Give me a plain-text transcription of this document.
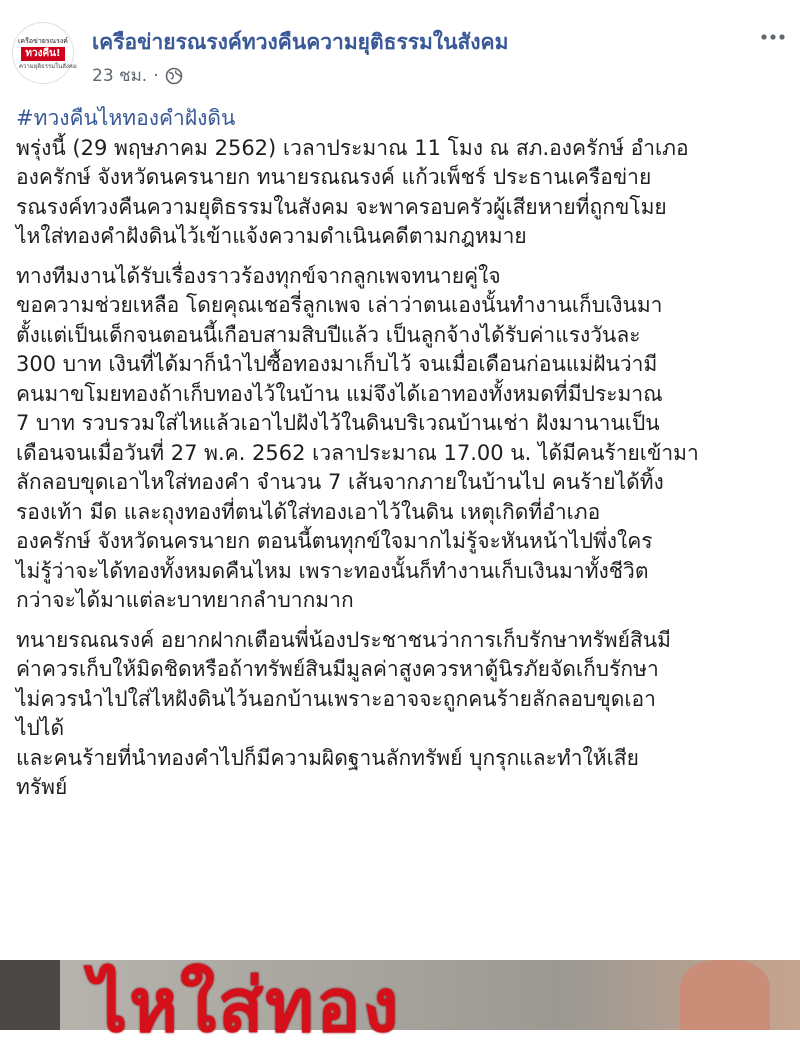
เครือข่ายรณรงค์
ทวงคืน!
ความยุติธรรมในสังคม
เครือข่ายรณรงค์ทวงคืนความยุติธรรมในสังคม
23 ชม. ·
#ทวงคืนไหทองคำฝังดิน
พรุ่งนี้ (29 พฤษภาคม 2562) เวลาประมาณ 11 โมง ณ สภ.องครักษ์ อำเภอ
องครักษ์ จังหวัดนครนายก ทนายรณณรงค์ แก้วเพ็ชร์ ประธานเครือข่าย
รณรงค์ทวงคืนความยุติธรรมในสังคม จะพาครอบครัวผู้เสียหายที่ถูกขโมย
ไหใส่ทองคำฝังดินไว้เข้าแจ้งความดำเนินคดีตามกฎหมาย
ทางทีมงานได้รับเรื่องราวร้องทุกข์จากลูกเพจทนายคู่ใจ
ขอความช่วยเหลือ โดยคุณเชอรี่ลูกเพจ เล่าว่าตนเองนั้นทำงานเก็บเงินมา
ตั้งแต่เป็นเด็กจนตอนนี้เกือบสามสิบปีแล้ว เป็นลูกจ้างได้รับค่าแรงวันละ
300 บาท เงินที่ได้มาก็นำไปซื้อทองมาเก็บไว้ จนเมื่อเดือนก่อนแม่ฝันว่ามี
คนมาขโมยทองถ้าเก็บทองไว้ในบ้าน แม่จึงได้เอาทองทั้งหมดที่มีประมาณ
7 บาท รวบรวมใส่ไหแล้วเอาไปฝังไว้ในดินบริเวณบ้านเช่า ฝังมานานเป็น
เดือนจนเมื่อวันที่ 27 พ.ค. 2562 เวลาประมาณ 17.00 น. ได้มีคนร้ายเข้ามา
ลักลอบขุดเอาไหใส่ทองคำ จำนวน 7 เส้นจากภายในบ้านไป คนร้ายได้ทิ้ง
รองเท้า มีด และถุงทองที่ตนได้ใส่ทองเอาไว้ในดิน เหตุเกิดที่อำเภอ
องครักษ์ จังหวัดนครนายก ตอนนี้ตนทุกข์ใจมากไม่รู้จะหันหน้าไปพึ่งใคร
ไม่รู้ว่าจะได้ทองทั้งหมดคืนไหม เพราะทองนั้นก็ทำงานเก็บเงินมาทั้งชีวิต
กว่าจะได้มาแต่ละบาทยากลำบากมาก
ทนายรณณรงค์ อยากฝากเตือนพี่น้องประชาชนว่าการเก็บรักษาทรัพย์สินมี
ค่าควรเก็บให้มิดชิดหรือถ้าทรัพย์สินมีมูลค่าสูงควรหาตู้นิรภัยจัดเก็บรักษา
ไม่ควรนำไปใส่ไหฝังดินไว้นอกบ้านเพราะอาจจะถูกคนร้ายลักลอบขุดเอา
ไปได้
และคนร้ายที่นำทองคำไปก็มีความผิดฐานลักทรัพย์ บุกรุกและทำให้เสีย
ทรัพย์
ไหใส่ทอง
